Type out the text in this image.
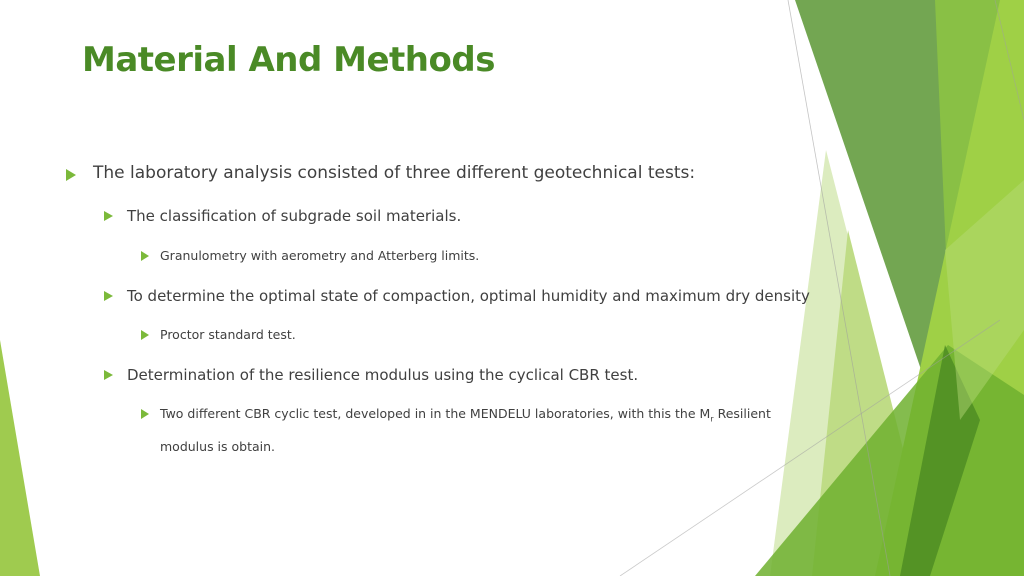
Material And Methods
The laboratory analysis consisted of three different geotechnical tests:
The classification of subgrade soil materials.
Granulometry with aerometry and Atterberg limits.
To determine the optimal state of compaction, optimal humidity and maximum dry density
Proctor standard test.
Determination of the resilience modulus using the cyclical CBR test.
Two different CBR cyclic test, developed in in the MENDELU laboratories, with this the $M_r$ Resilient
modulus is obtain.
